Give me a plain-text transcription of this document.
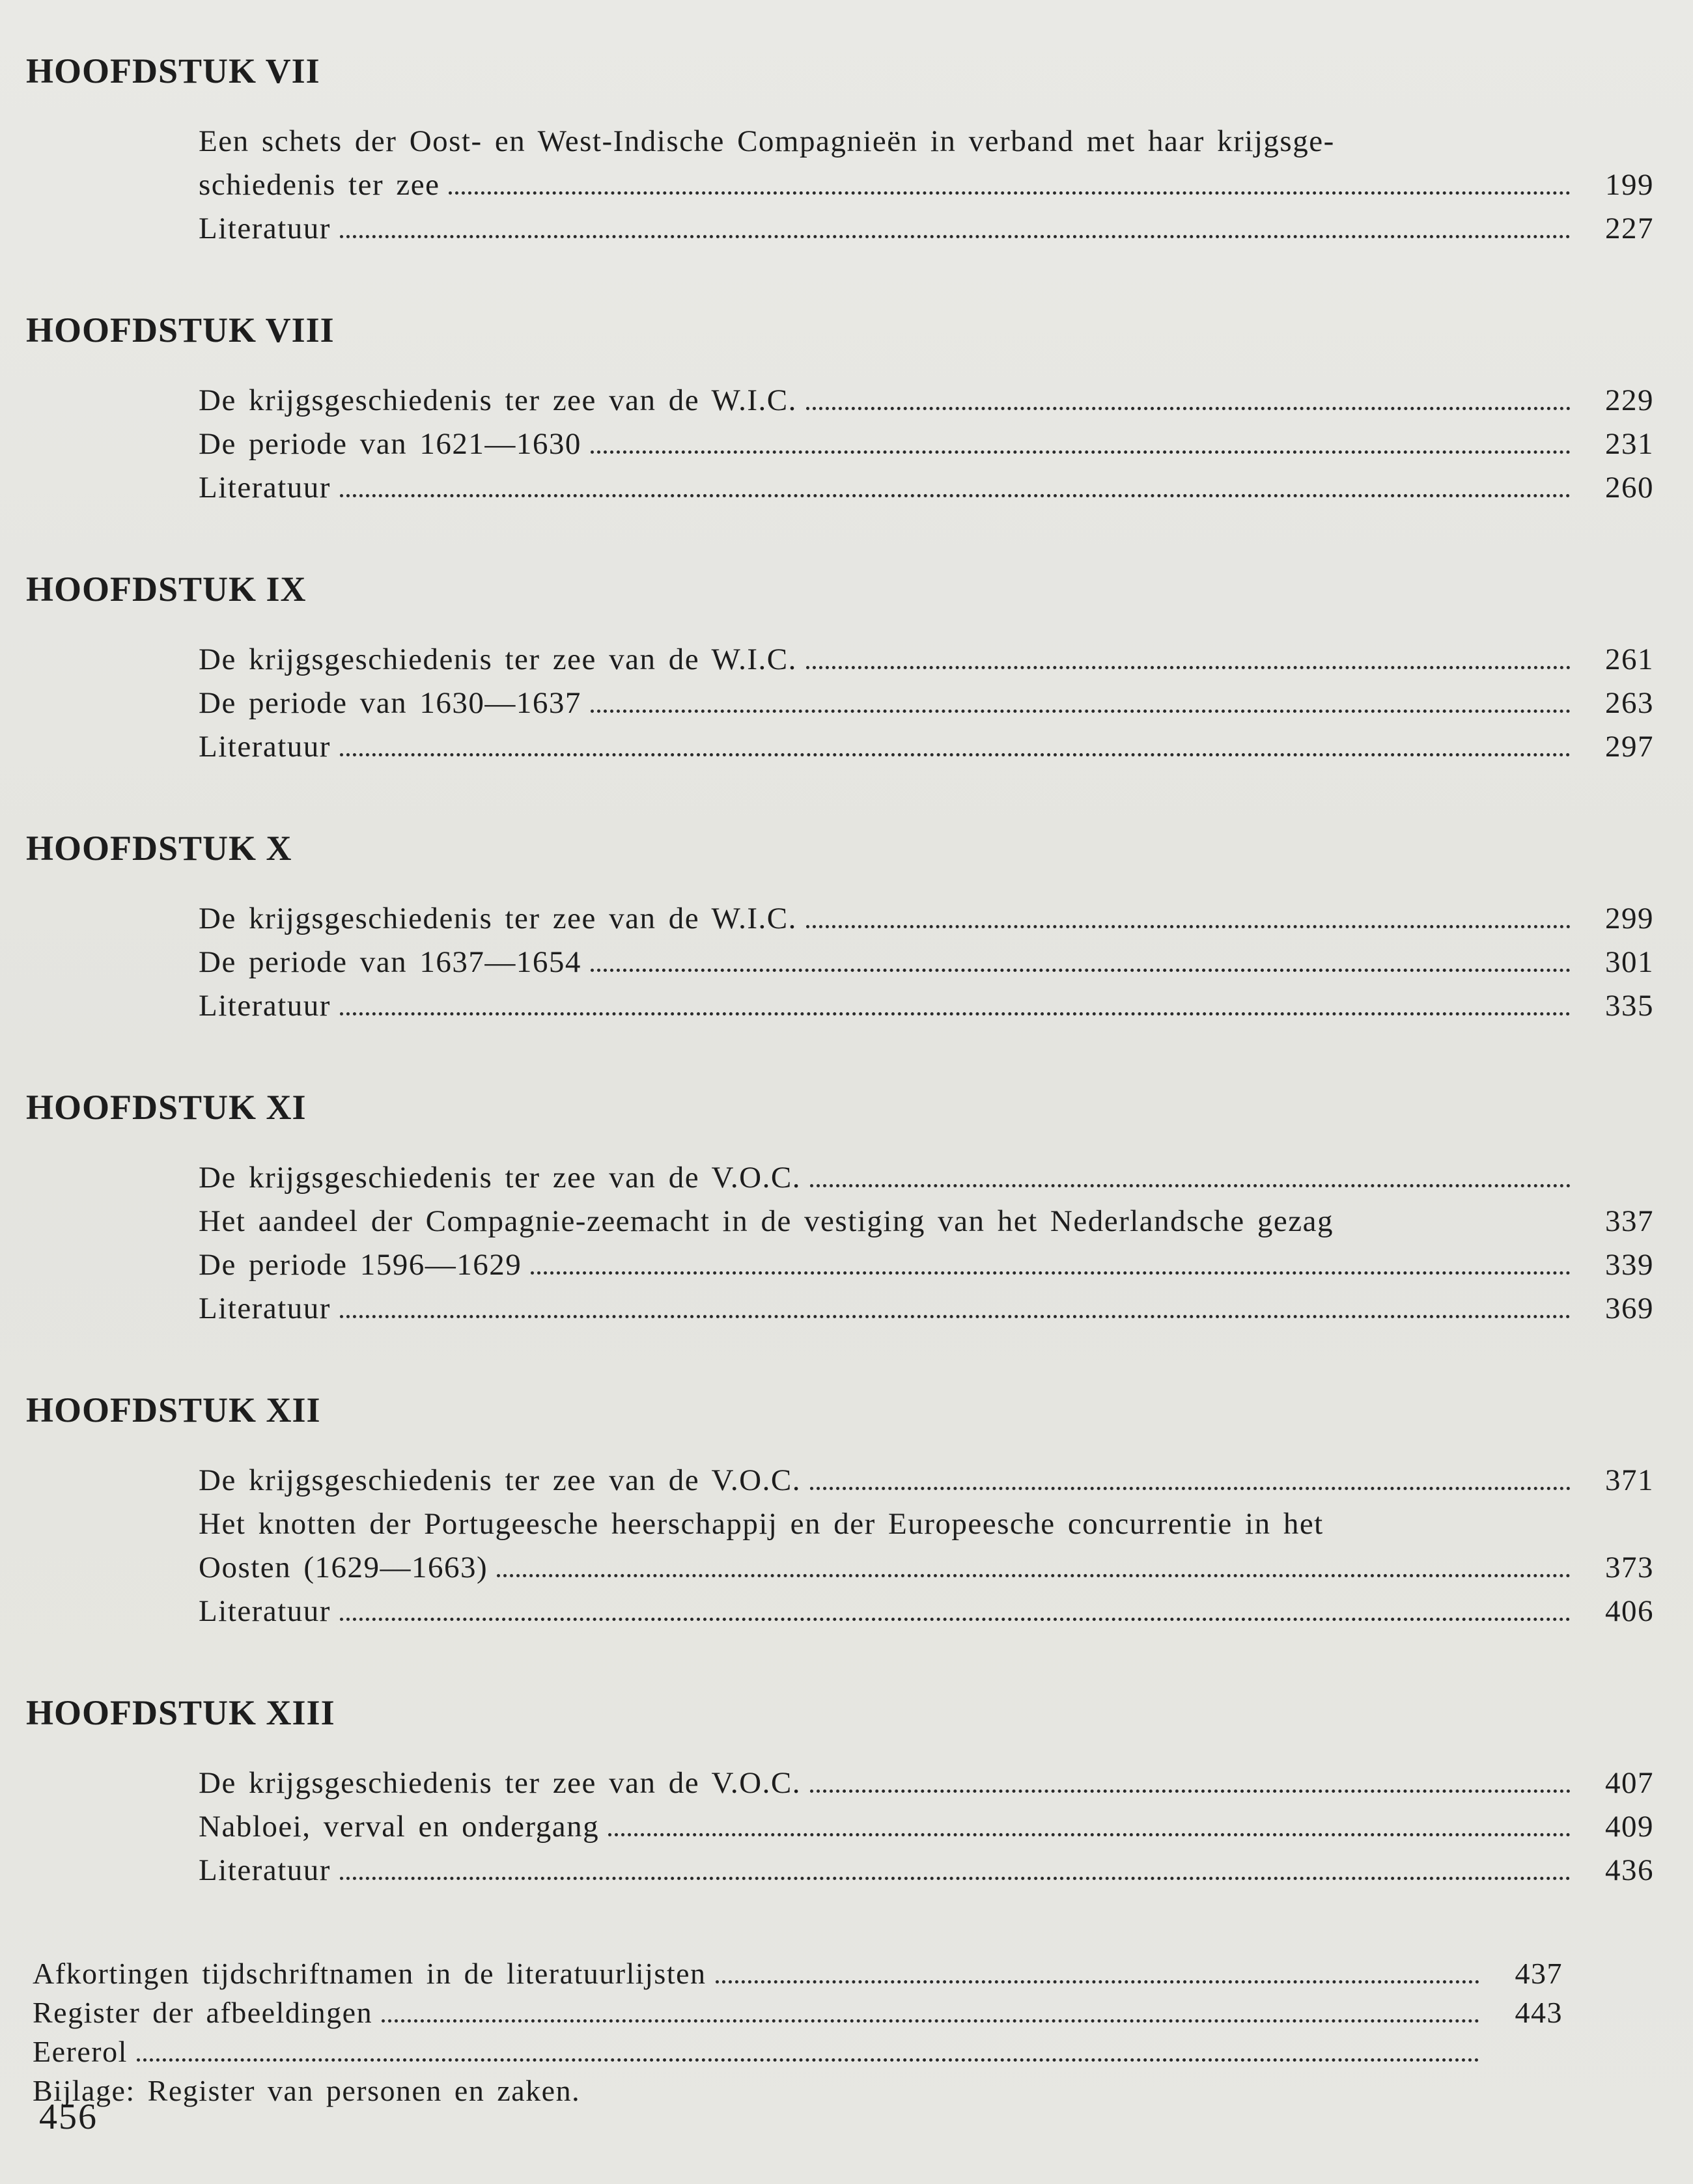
HOOFDSTUK VII
Een schets der Oost- en West-Indische Compagnieën in verband met haar krijgsge-
schiedenis ter zee	199
Literatuur	227
HOOFDSTUK VIII
De krijgsgeschiedenis ter zee van de W.I.C.	229
De periode van 1621—1630	231
Literatuur	260
HOOFDSTUK IX
De krijgsgeschiedenis ter zee van de W.I.C.	261
De periode van 1630—1637	263
Literatuur	297
HOOFDSTUK X
De krijgsgeschiedenis ter zee van de W.I.C.	299
De periode van 1637—1654	301
Literatuur	335
HOOFDSTUK XI
De krijgsgeschiedenis ter zee van de V.O.C.
Het aandeel der Compagnie-zeemacht in de vestiging van het Nederlandsche gezag	337
De periode 1596—1629	339
Literatuur	369
HOOFDSTUK XII
De krijgsgeschiedenis ter zee van de V.O.C.	371
Het knotten der Portugeesche heerschappij en der Europeesche concurrentie in het
Oosten (1629—1663)	373
Literatuur	406
HOOFDSTUK XIII
De krijgsgeschiedenis ter zee van de V.O.C.	407
Nabloei, verval en ondergang	409
Literatuur	436
Afkortingen tijdschriftnamen in de literatuurlijsten	437
Register der afbeeldingen	443
Eererol
Bijlage: Register van personen en zaken.
456
